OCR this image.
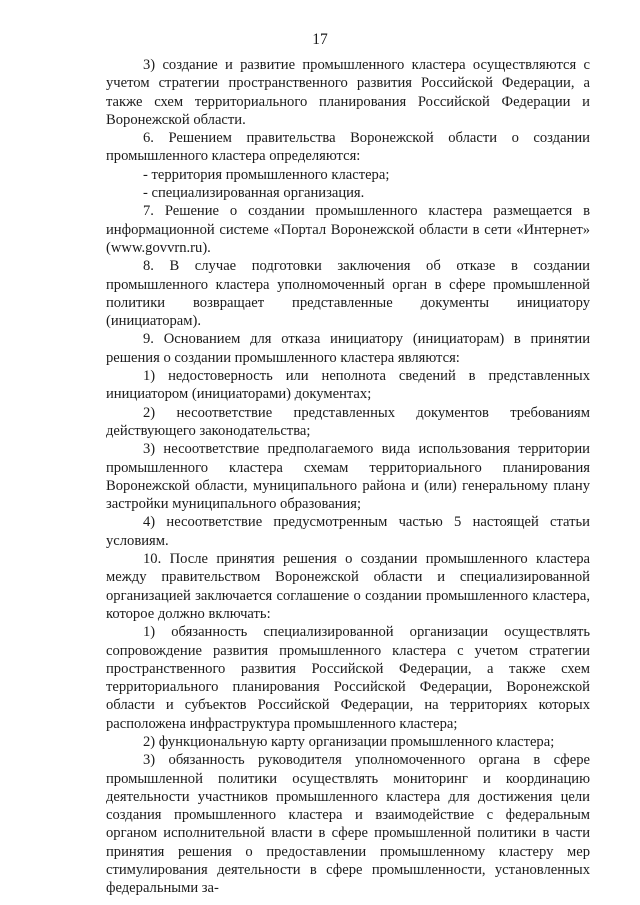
17

3) создание и развитие промышленного кластера осуществляются с учетом стратегии пространственного развития Российской Федерации, а также схем территориального планирования Российской Федерации и Воронежской области.

6. Решением правительства Воронежской области о создании промышленного кластера определяются:

- территория промышленного кластера;

- специализированная организация.

7. Решение о создании промышленного кластера размещается в информационной системе «Портал Воронежской области в сети «Интернет» (www.govvrn.ru).

8. В случае подготовки заключения об отказе в создании промышленного кластера уполномоченный орган в сфере промышленной политики возвращает представленные документы инициатору (инициаторам).

9. Основанием для отказа инициатору (инициаторам) в принятии решения о создании промышленного кластера являются:

1) недостоверность или неполнота сведений в представленных инициатором (инициаторами) документах;

2) несоответствие представленных документов требованиям действующего законодательства;

3) несоответствие предполагаемого вида использования территории промышленного кластера схемам территориального планирования Воронежской области, муниципального района и (или) генеральному плану застройки муниципального образования;

4) несоответствие предусмотренным частью 5 настоящей статьи условиям.

10. После принятия решения о создании промышленного кластера между правительством Воронежской области и специализированной организацией заключается соглашение о создании промышленного кластера, которое должно включать:

1) обязанность специализированной организации осуществлять сопровождение развития промышленного кластера с учетом стратегии пространственного развития Российской Федерации, а также схем территориального планирования Российской Федерации, Воронежской области и субъектов Российской Федерации, на территориях которых расположена инфраструктура промышленного кластера;

2) функциональную карту организации промышленного кластера;

3) обязанность руководителя уполномоченного органа в сфере промышленной политики осуществлять мониторинг и координацию деятельности участников промышленного кластера для достижения цели создания промышленного кластера и взаимодействие с федеральным органом исполнительной власти в сфере промышленной политики в части принятия решения о предоставлении промышленному кластеру мер стимулирования деятельности в сфере промышленности, установленных федеральными за-
